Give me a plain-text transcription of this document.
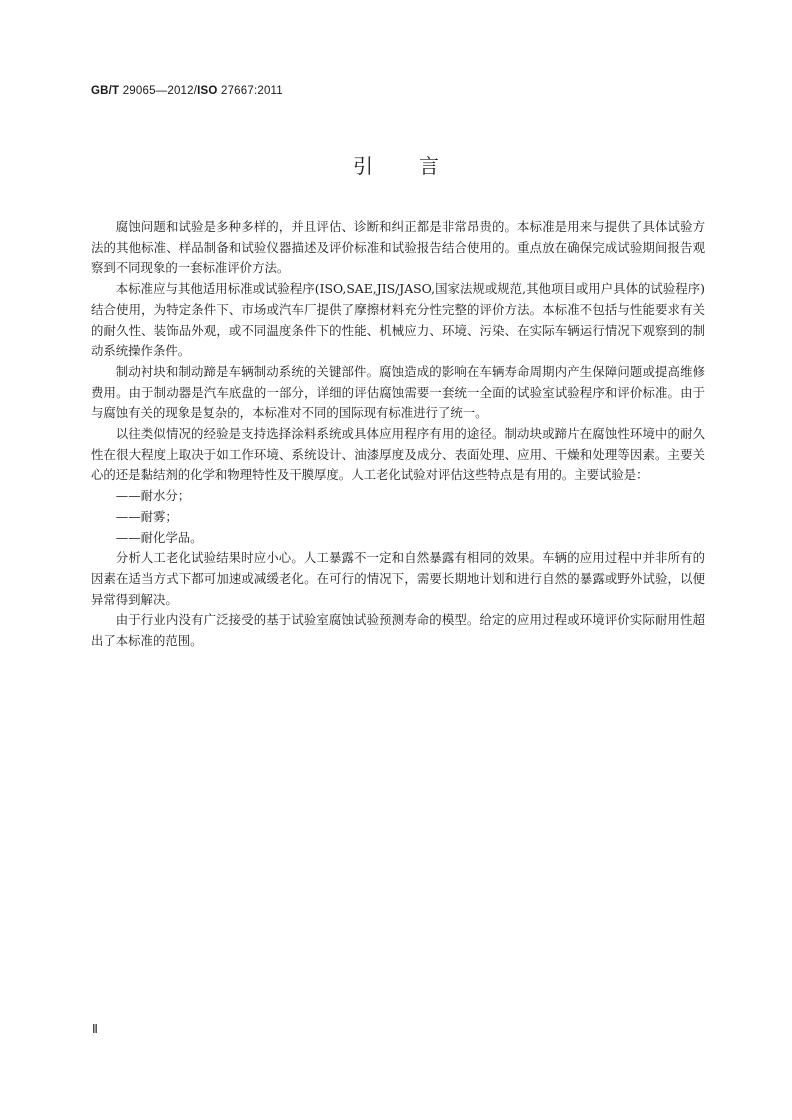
GB/T 29065—2012/ISO 27667:2011
引言

腐蚀问题和试验是多种多样的，并且评估、诊断和纠正都是非常昂贵的。本标准是用来与提供了具体试验方法的其他标准、样品制备和试验仪器描述及评价标准和试验报告结合使用的。重点放在确保完成试验期间报告观察到不同现象的一套标准评价方法。

本标准应与其他适用标准或试验程序(ISO,SAE,JIS/JASO,国家法规或规范,其他项目或用户具体的试验程序)结合使用，为特定条件下、市场或汽车厂提供了摩擦材料充分性完整的评价方法。本标准不包括与性能要求有关的耐久性、装饰品外观，或不同温度条件下的性能、机械应力、环境、污染、在实际车辆运行情况下观察到的制动系统操作条件。

制动衬块和制动蹄是车辆制动系统的关键部件。腐蚀造成的影响在车辆寿命周期内产生保障问题或提高维修费用。由于制动器是汽车底盘的一部分，详细的评估腐蚀需要一套统一全面的试验室试验程序和评价标准。由于与腐蚀有关的现象是复杂的，本标准对不同的国际现有标准进行了统一。

以往类似情况的经验是支持选择涂料系统或具体应用程序有用的途径。制动块或蹄片在腐蚀性环境中的耐久性在很大程度上取决于如工作环境、系统设计、油漆厚度及成分、表面处理、应用、干燥和处理等因素。主要关心的还是黏结剂的化学和物理特性及干膜厚度。人工老化试验对评估这些特点是有用的。主要试验是：

——耐水分；

——耐雾；

——耐化学品。

分析人工老化试验结果时应小心。人工暴露不一定和自然暴露有相同的效果。车辆的应用过程中并非所有的因素在适当方式下都可加速或减缓老化。在可行的情况下，需要长期地计划和进行自然的暴露或野外试验，以便异常得到解决。

由于行业内没有广泛接受的基于试验室腐蚀试验预测寿命的模型。给定的应用过程或环境评价实际耐用性超出了本标准的范围。

Ⅱ
